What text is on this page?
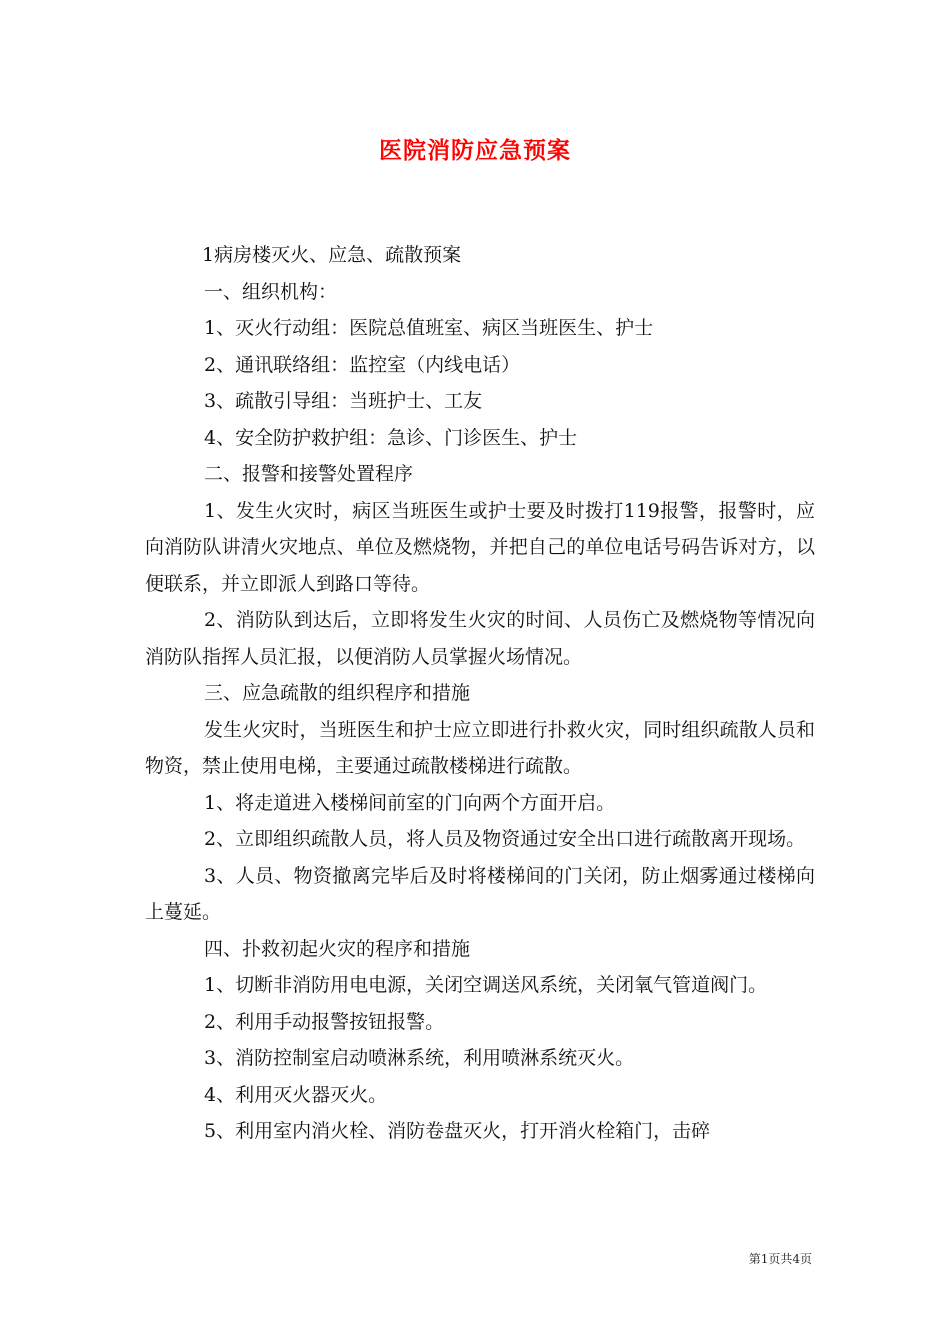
医院消防应急预案

1病房楼灭火、应急、疏散预案

一、组织机构：

1、灭火行动组：医院总值班室、病区当班医生、护士

2、通讯联络组：监控室（内线电话）

3、疏散引导组：当班护士、工友

4、安全防护救护组：急诊、门诊医生、护士

二、报警和接警处置程序

1、发生火灾时，病区当班医生或护士要及时拨打119报警，报警时，应向消防队讲清火灾地点、单位及燃烧物，并把自己的单位电话号码告诉对方，以便联系，并立即派人到路口等待。

2、消防队到达后，立即将发生火灾的时间、人员伤亡及燃烧物等情况向消防队指挥人员汇报，以便消防人员掌握火场情况。

三、应急疏散的组织程序和措施

发生火灾时，当班医生和护士应立即进行扑救火灾，同时组织疏散人员和物资，禁止使用电梯，主要通过疏散楼梯进行疏散。

1、将走道进入楼梯间前室的门向两个方面开启。

2、立即组织疏散人员，将人员及物资通过安全出口进行疏散离开现场。

3、人员、物资撤离完毕后及时将楼梯间的门关闭，防止烟雾通过楼梯向上蔓延。

四、扑救初起火灾的程序和措施

1、切断非消防用电电源，关闭空调送风系统，关闭氧气管道阀门。

2、利用手动报警按钮报警。

3、消防控制室启动喷淋系统，利用喷淋系统灭火。

4、利用灭火器灭火。

5、利用室内消火栓、消防卷盘灭火，打开消火栓箱门，击碎

第1页共4页
